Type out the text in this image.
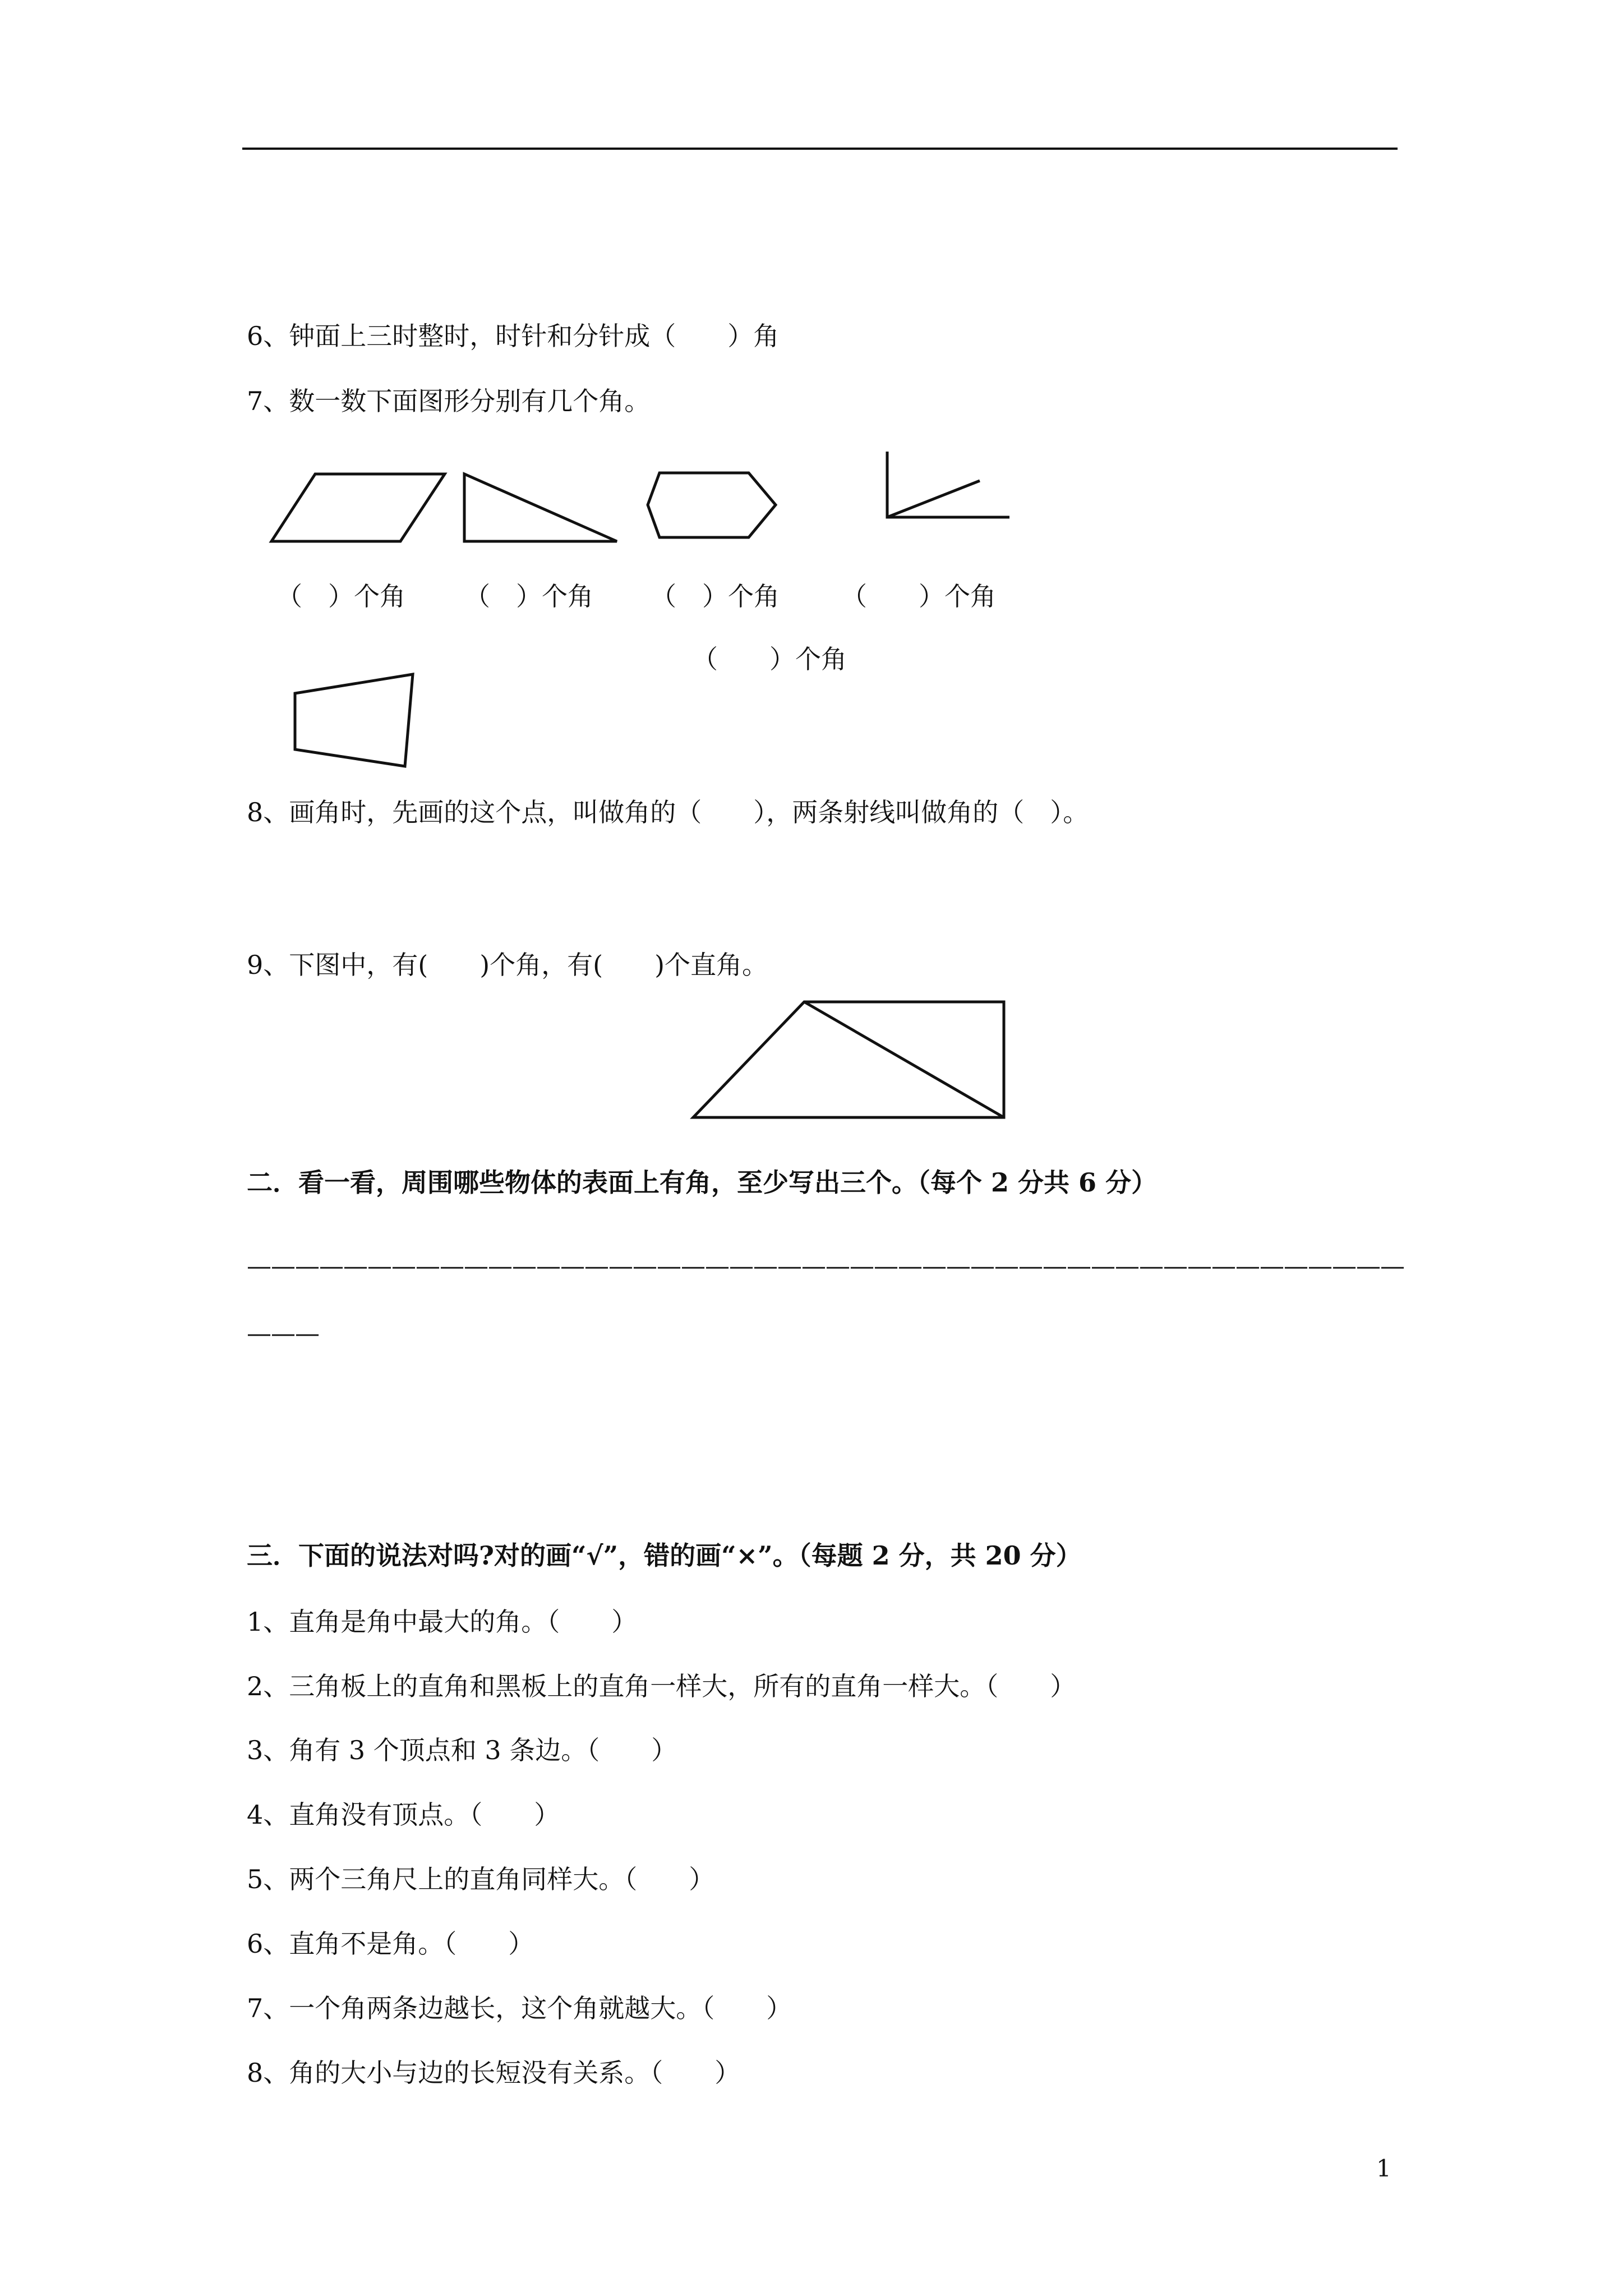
6、钟面上三时整时，时针和分针成（　　）角
7、数一数下面图形分别有几个角。
（　）个角 （　）个角 （　）个角 （　　）个角
（　　）个角
8、画角时，先画的这个点，叫做角的（　　），两条射线叫做角的（　）。
9、下图中，有(　　)个角，有(　　)个直角。
二．看一看，周围哪些物体的表面上有角，至少写出三个。（每个 2 分共 6 分）
————————————————————————————————————————————————
———
三．下面的说法对吗?对的画“√”，错的画“×”。（每题 2 分，共 20 分）
1、直角是角中最大的角。（　　）
2、三角板上的直角和黑板上的直角一样大，所有的直角一样大。（　　）
3、角有 3 个顶点和 3 条边。（　　）
4、直角没有顶点。（　　）
5、两个三角尺上的直角同样大。（　　）
6、直角不是角。（　　）
7、一个角两条边越长，这个角就越大。（　　）
8、角的大小与边的长短没有关系。（　　）
1
